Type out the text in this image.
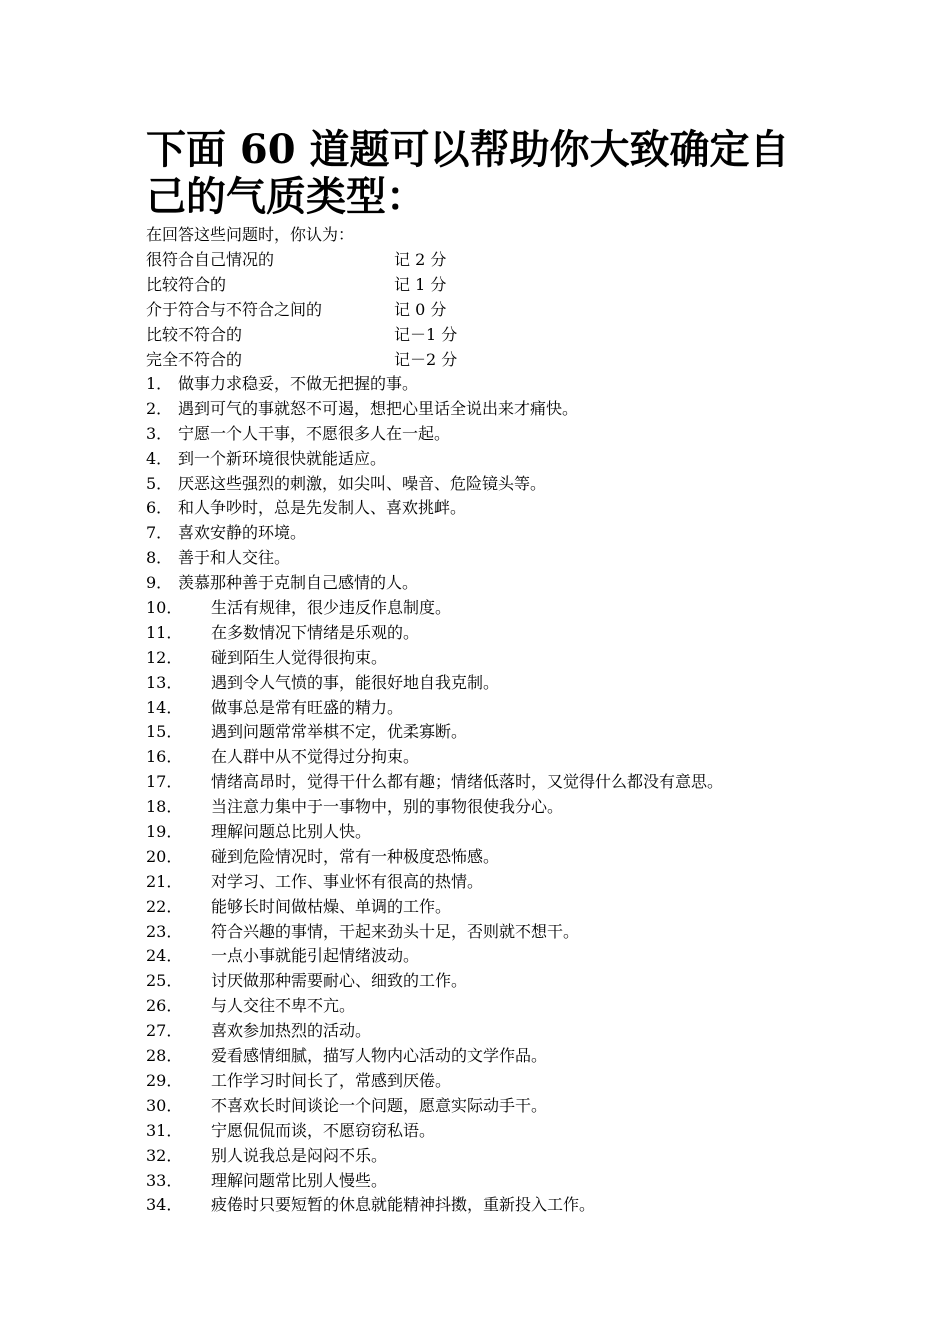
下面 60 道题可以帮助你大致确定自己的气质类型：
在回答这些问题时，你认为：
很符合自己情况的	记 2 分
比较符合的	记 1 分
介于符合与不符合之间的	记 0 分
比较不符合的	记－1 分
完全不符合的	记－2 分
1． 做事力求稳妥，不做无把握的事。
2． 遇到可气的事就怒不可遏，想把心里话全说出来才痛快。
3． 宁愿一个人干事，不愿很多人在一起。
4． 到一个新环境很快就能适应。
5． 厌恶这些强烈的刺激，如尖叫、噪音、危险镜头等。
6． 和人争吵时，总是先发制人、喜欢挑衅。
7． 喜欢安静的环境。
8． 善于和人交往。
9． 羡慕那种善于克制自己感情的人。
10．	生活有规律，很少违反作息制度。
11．	在多数情况下情绪是乐观的。
12．	碰到陌生人觉得很拘束。
13．	遇到令人气愤的事，能很好地自我克制。
14．	做事总是常有旺盛的精力。
15．	遇到问题常常举棋不定，优柔寡断。
16．	在人群中从不觉得过分拘束。
17．	情绪高昂时，觉得干什么都有趣；情绪低落时，又觉得什么都没有意思。
18．	当注意力集中于一事物中，别的事物很使我分心。
19．	理解问题总比别人快。
20．	碰到危险情况时，常有一种极度恐怖感。
21．	对学习、工作、事业怀有很高的热情。
22．	能够长时间做枯燥、单调的工作。
23．	符合兴趣的事情，干起来劲头十足，否则就不想干。
24．	一点小事就能引起情绪波动。
25．	讨厌做那种需要耐心、细致的工作。
26．	与人交往不卑不亢。
27．	喜欢参加热烈的活动。
28．	爱看感情细腻，描写人物内心活动的文学作品。
29．	工作学习时间长了，常感到厌倦。
30．	不喜欢长时间谈论一个问题，愿意实际动手干。
31．	宁愿侃侃而谈，不愿窃窃私语。
32．	别人说我总是闷闷不乐。
33．	理解问题常比别人慢些。
34．	疲倦时只要短暂的休息就能精神抖擞，重新投入工作。
